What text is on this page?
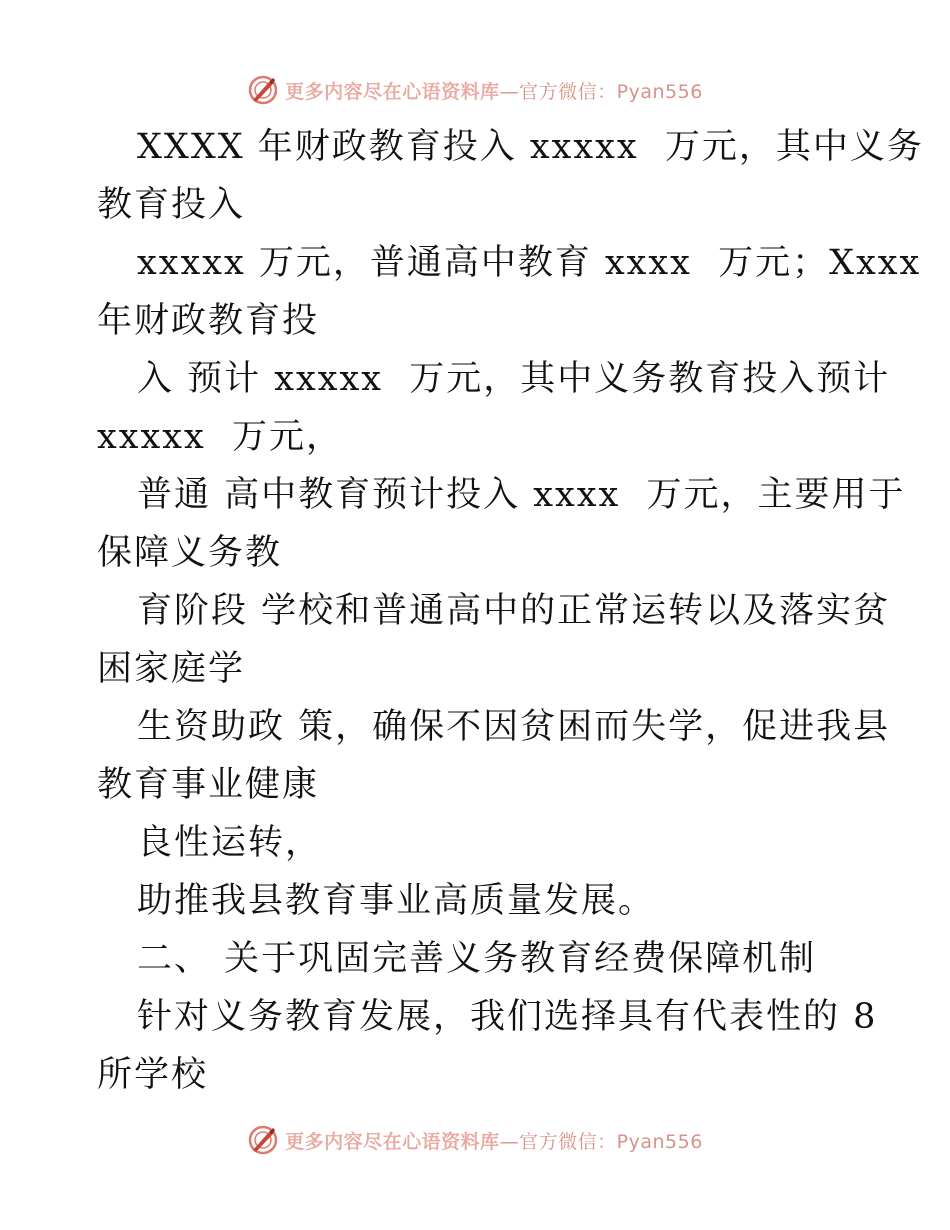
更多内容尽在心语资料库—官方微信：Pyan556
XXXX 年财政教育投入 xxxxx  万元，其中义务
教育投入
xxxxx 万元，普通高中教育 xxxx  万元；Xxxx
年财政教育投
入 预计 xxxxx  万元，其中义务教育投入预计
xxxxx  万元，
普通 高中教育预计投入 xxxx  万元，主要用于
保障义务教
育阶段 学校和普通高中的正常运转以及落实贫
困家庭学
生资助政 策，确保不因贫困而失学，促进我县
教育事业健康
良性运转，
助推我县教育事业高质量发展。
二、 关于巩固完善义务教育经费保障机制
针对义务教育发展，我们选择具有代表性的 8
所学校
更多内容尽在心语资料库—官方微信：Pyan556
